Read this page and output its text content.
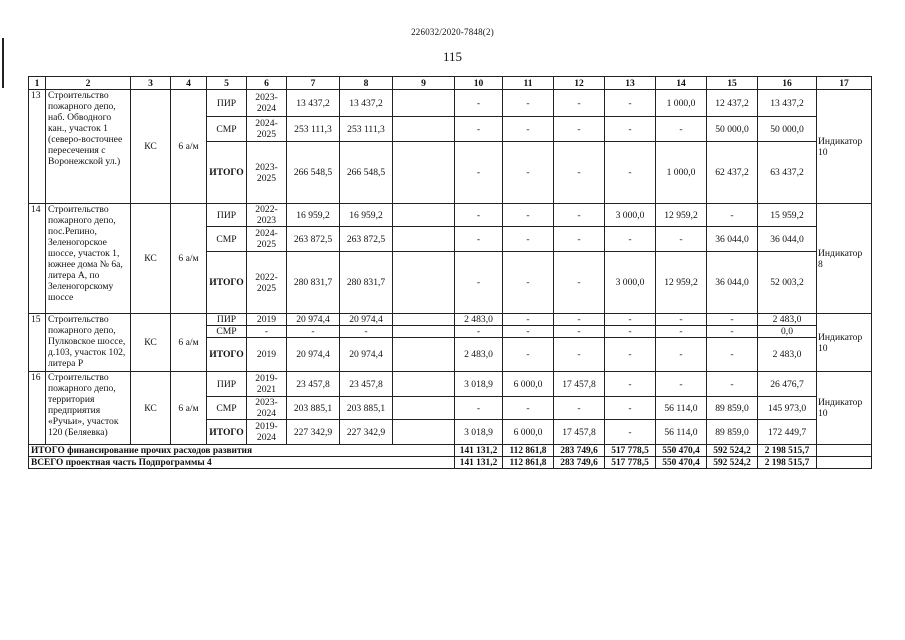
226032/2020-7848(2)
115
1	2	3	4	5	6	7	8	9	10	11	12	13	14	15	16	17
13	Строительство пожарного депо, наб. Обводного кан., участок 1 (северо-восточнее пересечения с Воронежской ул.)	КС	6 а/м	ПИР	2023-2024	13 437,2	13 437,2		-	-	-	-	1 000,0	12 437,2	13 437,2	Индикатор 10
				СМР	2024-2025	253 111,3	253 111,3		-	-	-	-	-	50 000,0	50 000,0	
				ИТОГО	2023-2025	266 548,5	266 548,5		-	-	-	-	1 000,0	62 437,2	63 437,2	
14	Строительство пожарного депо, пос.Репино, Зеленогорское шоссе, участок 1, южнее дома № 6а, литера А, по Зеленогорскому шоссе	КС	6 а/м	ПИР	2022-2023	16 959,2	16 959,2		-	-	-	3 000,0	12 959,2	-	15 959,2	Индикатор 8
				СМР	2024-2025	263 872,5	263 872,5		-	-	-	-	-	36 044,0	36 044,0	
				ИТОГО	2022-2025	280 831,7	280 831,7		-	-	-	3 000,0	12 959,2	36 044,0	52 003,2	
15	Строительство пожарного депо, Пулковское шоссе, д.103, участок 102, литера Р	КС	6 а/м	ПИР	2019	20 974,4	20 974,4		2 483,0	-	-	-	-	-	2 483,0	Индикатор 10
				СМР	-	-	-		-	-	-	-	-	-	0,0	
				ИТОГО	2019	20 974,4	20 974,4		2 483,0	-	-	-	-	-	2 483,0	
16	Строительство пожарного депо, территория предприятия «Ручьи», участок 120 (Беляевка)	КС	6 а/м	ПИР	2019-2021	23 457,8	23 457,8		3 018,9	6 000,0	17 457,8	-	-	-	26 476,7	Индикатор 10
				СМР	2023-2024	203 885,1	203 885,1		-	-	-	-	56 114,0	89 859,0	145 973,0	
				ИТОГО	2019-2024	227 342,9	227 342,9		3 018,9	6 000,0	17 457,8	-	56 114,0	89 859,0	172 449,7	
ИТОГО финансирование прочих расходов развития									141 131,2	112 861,8	283 749,6	517 778,5	550 470,4	592 524,2	2 198 515,7	
ВСЕГО проектная часть Подпрограммы 4									141 131,2	112 861,8	283 749,6	517 778,5	550 470,4	592 524,2	2 198 515,7	
